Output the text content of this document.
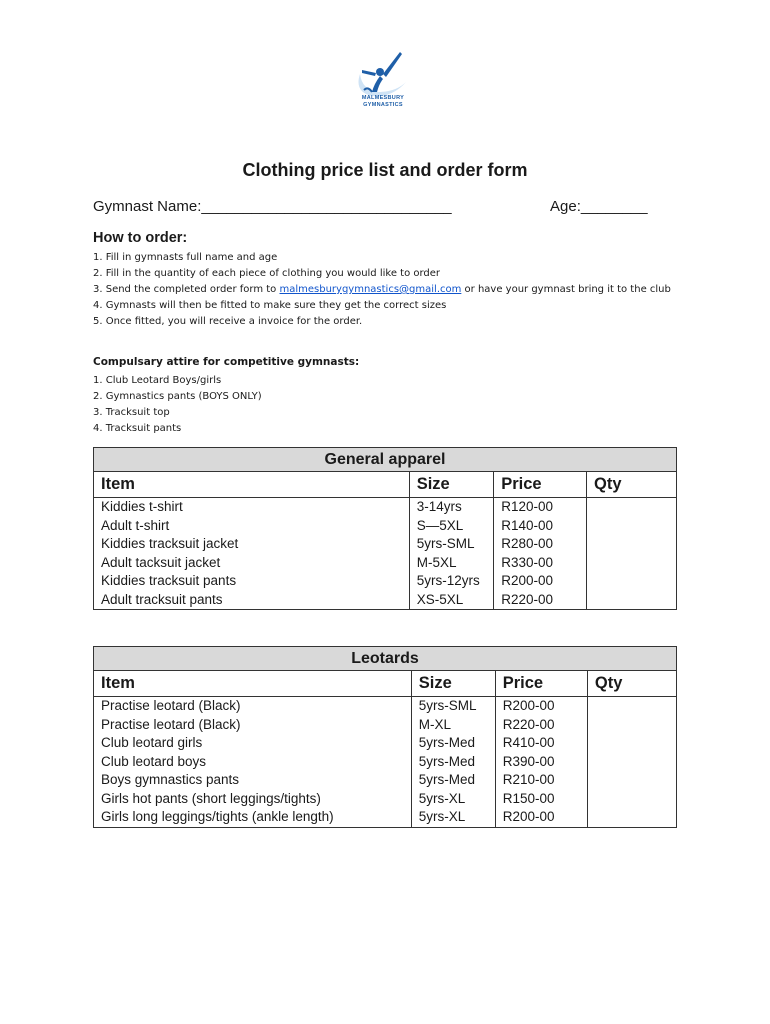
MALMESBURY
GYMNASTICS
Clothing price list and order form
Gymnast Name:______________________________	Age:________
How to order:
1. Fill in gymnasts full name and age
2. Fill in the quantity of each piece of clothing you would like to order
3. Send the completed order form to malmesburygymnastics@gmail.com or have your gymnast bring it to the club
4. Gymnasts will then be fitted to make sure they get the correct sizes
5. Once fitted, you will receive a invoice for the order.
Compulsary attire for competitive gymnasts:
1. Club Leotard Boys/girls
2. Gymnastics pants (BOYS ONLY)
3. Tracksuit top
4. Tracksuit pants
General apparel			
Item	Size	Price	Qty
Kiddies t-shirt	3-14yrs	R120-00	
Adult t-shirt	S—5XL	R140-00	
Kiddies tracksuit jacket	5yrs-SML	R280-00	
Adult tacksuit jacket	M-5XL	R330-00	
Kiddies tracksuit pants	5yrs-12yrs	R200-00	
Adult tracksuit pants	XS-5XL	R220-00	
Leotards			
Item	Size	Price	Qty
Practise leotard (Black)	5yrs-SML	R200-00	
Practise leotard (Black)	M-XL	R220-00	
Club leotard girls	5yrs-Med	R410-00	
Club leotard boys	5yrs-Med	R390-00	
Boys gymnastics pants	5yrs-Med	R210-00	
Girls hot pants (short leggings/tights)	5yrs-XL	R150-00	
Girls long leggings/tights (ankle length)	5yrs-XL	R200-00	
